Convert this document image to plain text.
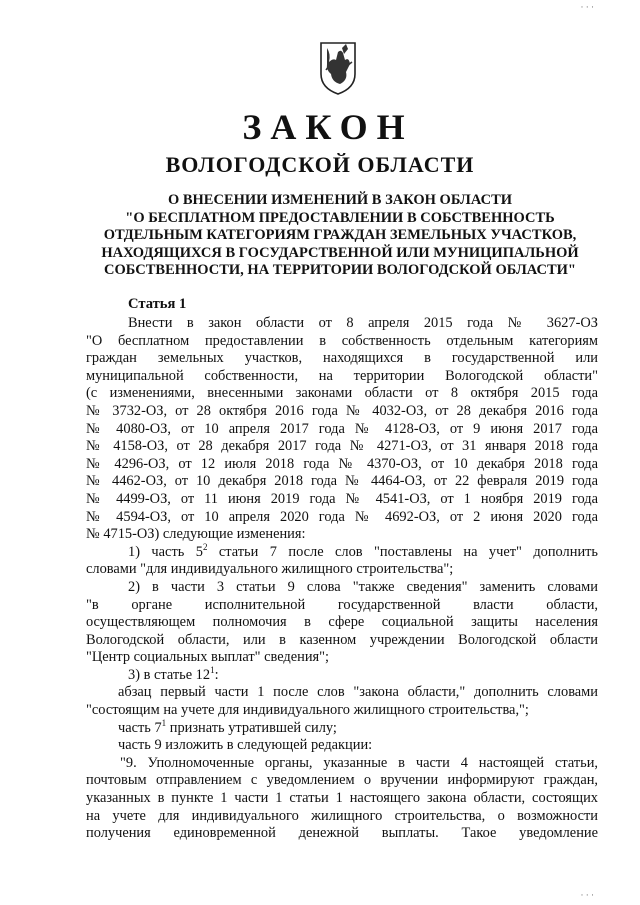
ЗАКОН
ВОЛОГОДСКОЙ ОБЛАСТИ
О ВНЕСЕНИИ ИЗМЕНЕНИЙ В ЗАКОН ОБЛАСТИ
"О БЕСПЛАТНОМ ПРЕДОСТАВЛЕНИИ В СОБСТВЕННОСТЬ
ОТДЕЛЬНЫМ КАТЕГОРИЯМ ГРАЖДАН ЗЕМЕЛЬНЫХ УЧАСТКОВ,
НАХОДЯЩИХСЯ В ГОСУДАРСТВЕННОЙ ИЛИ МУНИЦИПАЛЬНОЙ
СОБСТВЕННОСТИ, НА ТЕРРИТОРИИ ВОЛОГОДСКОЙ ОБЛАСТИ"
Статья 1

Внести в закон области от 8 апреля 2015 года № 3627-ОЗ

"О бесплатном предоставлении в собственность отдельным категориям

граждан земельных участков, находящихся в государственной или

муниципальной собственности, на территории Вологодской области"

(с изменениями, внесенными законами области от 8 октября 2015 года

№ 3732-ОЗ, от 28 октября 2016 года № 4032-ОЗ, от 28 декабря 2016 года

№ 4080-ОЗ, от 10 апреля 2017 года № 4128-ОЗ, от 9 июня 2017 года

№ 4158-ОЗ, от 28 декабря 2017 года № 4271-ОЗ, от 31 января 2018 года

№ 4296-ОЗ, от 12 июля 2018 года № 4370-ОЗ, от 10 декабря 2018 года

№ 4462-ОЗ, от 10 декабря 2018 года № 4464-ОЗ, от 22 февраля 2019 года

№ 4499-ОЗ, от 11 июня 2019 года № 4541-ОЗ, от 1 ноября 2019 года

№ 4594-ОЗ, от 10 апреля 2020 года № 4692-ОЗ, от 2 июня 2020 года

№ 4715-ОЗ) следующие изменения:

1) часть $5^2$ статьи 7 после слов "поставлены на учет" дополнить

словами "для индивидуального жилищного строительства";

2) в части 3 статьи 9 слова "также сведения" заменить словами

"в органе исполнительной государственной власти области,

осуществляющем полномочия в сфере социальной защиты населения

Вологодской области, или в казенном учреждении Вологодской области

"Центр социальных выплат" сведения";

3) в статье $12^1$:

абзац первый части 1 после слов "закона области," дополнить словами

"состоящим на учете для индивидуального жилищного строительства,";

часть $7^1$ признать утратившей силу;

часть 9 изложить в следующей редакции:

"9. Уполномоченные органы, указанные в части 4 настоящей статьи,

почтовым отправлением с уведомлением о вручении информируют граждан,

указанных в пункте 1 части 1 статьи 1 настоящего закона области, состоящих

на учете для индивидуального жилищного строительства, о возможности

получения единовременной денежной выплаты. Такое уведомление

· · ·
· · ·
